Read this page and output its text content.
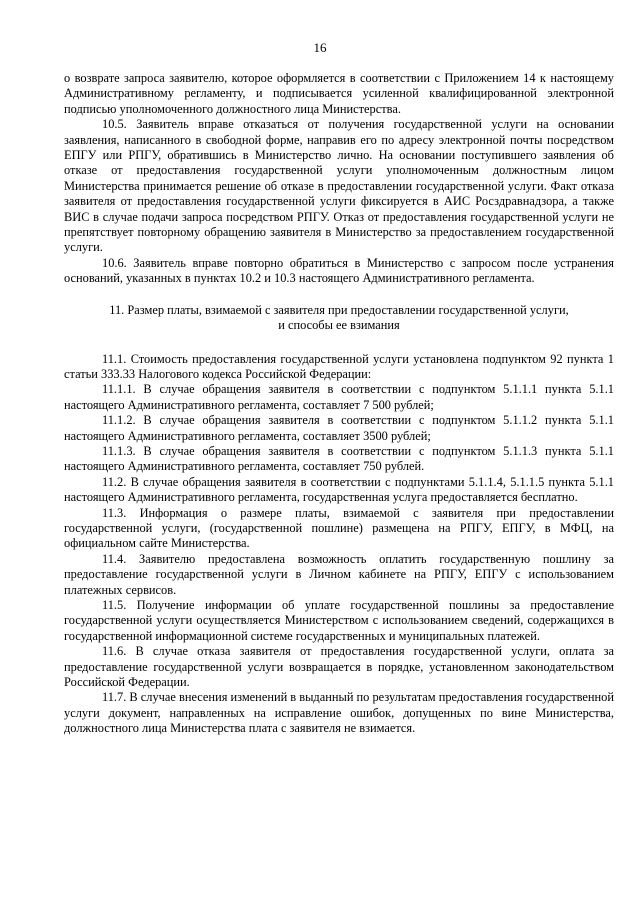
16

о возврате запроса заявителю, которое оформляется в соответствии с Приложением 14 к настоящему Административному регламенту, и подписывается усиленной квалифицированной электронной подписью уполномоченного должностного лица Министерства.

10.5. Заявитель вправе отказаться от получения государственной услуги на основании заявления, написанного в свободной форме, направив его по адресу электронной почты посредством ЕПГУ или РПГУ, обратившись в Министерство лично. На основании поступившего заявления об отказе от предоставления государственной услуги уполномоченным должностным лицом Министерства принимается решение об отказе в предоставлении государственной услуги. Факт отказа заявителя от предоставления государственной услуги фиксируется в АИС Росздравнадзора, а также ВИС в случае подачи запроса посредством РПГУ. Отказ от предоставления государственной услуги не препятствует повторному обращению заявителя в Министерство за предоставлением государственной услуги.

10.6. Заявитель вправе повторно обратиться в Министерство с запросом после устранения оснований, указанных в пунктах 10.2 и 10.3 настоящего Административного регламента.

11. Размер платы, взимаемой с заявителя при предоставлении государственной услуги,
и способы ее взимания

11.1. Стоимость предоставления государственной услуги установлена подпунктом 92 пункта 1 статьи 333.33 Налогового кодекса Российской Федерации:

11.1.1. В случае обращения заявителя в соответствии с подпунктом 5.1.1.1 пункта 5.1.1 настоящего Административного регламента, составляет 7 500 рублей;

11.1.2. В случае обращения заявителя в соответствии с подпунктом 5.1.1.2 пункта 5.1.1 настоящего Административного регламента, составляет 3500 рублей;

11.1.3. В случае обращения заявителя в соответствии с подпунктом 5.1.1.3 пункта 5.1.1 настоящего Административного регламента, составляет 750 рублей.

11.2. В случае обращения заявителя в соответствии с подпунктами 5.1.1.4, 5.1.1.5 пункта 5.1.1 настоящего Административного регламента, государственная услуга предоставляется бесплатно.

11.3. Информация о размере платы, взимаемой с заявителя при предоставлении государственной услуги, (государственной пошлине) размещена на РПГУ, ЕПГУ, в МФЦ, на официальном сайте Министерства.

11.4. Заявителю предоставлена возможность оплатить государственную пошлину за предоставление государственной услуги в Личном кабинете на РПГУ, ЕПГУ с использованием платежных сервисов.

11.5. Получение информации об уплате государственной пошлины за предоставление государственной услуги осуществляется Министерством с использованием сведений, содержащихся в государственной информационной системе государственных и муниципальных платежей.

11.6. В случае отказа заявителя от предоставления государственной услуги, оплата за предоставление государственной услуги возвращается в порядке, установленном законодательством Российской Федерации.

11.7. В случае внесения изменений в выданный по результатам предоставления государственной услуги документ, направленных на исправление ошибок, допущенных по вине Министерства, должностного лица Министерства плата с заявителя не взимается.
